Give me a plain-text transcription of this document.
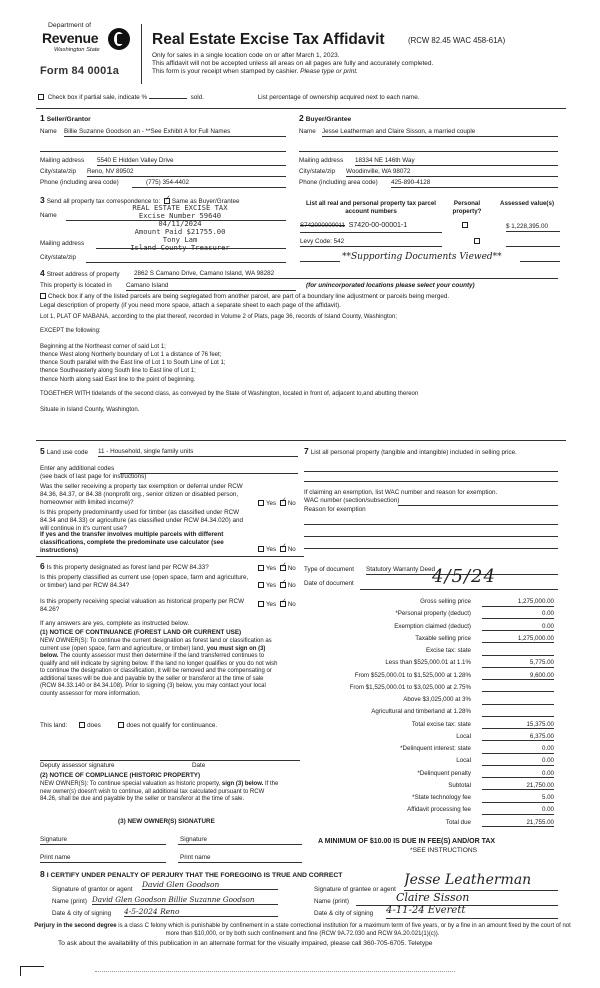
Department of
Revenue
Washington State
Form 84 0001a
Real Estate Excise Tax Affidavit	(RCW 82.45 WAC 458-61A)
Only for sales in a single location code on or after March 1, 2023.
This affidavit will not be accepted unless all areas on all pages are fully and accurately completed.
This form is your receipt when stamped by cashier. Please type or print.
Check box if partial sale, indicate %	sold.	List percentage of ownership acquired next to each name.
1 Seller/Grantor
Name Billie Suzanne Goodson an - **See Exhibit A for Full Names

Mailing address 5540 E Hidden Valley Drive
City/state/zip Reno, NV 89502
Phone (including area code)	(775) 354-4402
2 Buyer/Grantee
Name Jesse Leatherman and Claire Sisson, a married couple

Mailing address 18334 NE 146th Way
City/state/zip Woodinville, WA 98072
Phone (including area code) 425-890-4128
3 Send all property tax correspondence to: ✓ Same as Buyer/Grantee
Name
Mailing address
City/state/zip
REAL ESTATE EXCISE TAX
Excise Number 59640
04/11/2024
Amount Paid $21755.00
Tony Lam
Island County Treasurer
List all real and personal property tax parcel account numbers
Personal property?
Assessed value(s)
S742000000011 S7420-00-00001-1
	$ 1,228,395.00
Levy Code: 542
**Supporting Documents Viewed**
4 Street address of property 2862 S Camano Drive, Camano Island, WA 98282
This property is located in Camano Island	(for unincorporated locations please select your county)
Check box if any of the listed parcels are being segregated from another parcel, are part of a boundary line adjustment or parcels being merged.
Legal description of property (if you need more space, attach a separate sheet to each page of the affidavit).
Lot 1, PLAT OF MABANA, according to the plat thereof, recorded in Volume 2 of Plats, page 36, records of Island County, Washington;
EXCEPT the following:
Beginning at the Northeast corner of said Lot 1;
thence West along Northerly boundary of Lot 1 a distance of 76 feet;
thence South parallel with the East line of Lot 1 to South Line of Lot 1;
thence Southeasterly along South line to East line of Lot 1;
thence North along said East line to the point of beginning.
TOGETHER WITH tidelands of the second class, as conveyed by the State of Washington, located in front of, adjacent to,and abutting thereon
Situate in Island County, Washington.
5 Land use code 11 - Household, single family units
Enter any additional codes
(see back of last page for instructions)
Was the seller receiving a property tax exemption or deferral under RCW 84.36, 84.37, or 84.38 (nonprofit org., senior citizen or disabled person, homeowner with limited income)?	Yes ✓ No
Is this property predominantly used for timber (as classified under RCW 84.34 and 84.33) or agriculture (as classified under RCW 84.34.020) and will continue in it's current use?
If yes and the transfer involves multiple parcels with different classifications, complete the predominate use calculator (see instructions)	Yes ✓ No
7 List all personal property (tangible and intangible) included in selling price.
If claiming an exemption, list WAC number and reason for exemption.
WAC number (section/subsection)
Reason for exemption
6 Is this property designated as forest land per RCW 84.33?	Yes ✓ No
Is this property classified as current use (open space, farm and agriculture, or timber) land per RCW 84.34?	Yes ✓ No
Is this property receiving special valuation as historical property per RCW 84.26?
Yes ✓ No
If any answers are yes, complete as instructed below.
(1) NOTICE OF CONTINUANCE (FOREST LAND OR CURRENT USE)
NEW OWNER(S): To continue the current designation as forest land or classification as current use (open space, farm and agriculture, or timber) land, you must sign on (3) below. The county assessor must then determine if the land transferred continues to qualify and will indicate by signing below. If the land no longer qualifies or you do not wish to continue the designation or classification, it will be removed and the compensating or additional taxes will be due and payable by the seller or transferor at the time of sale (RCW 84.33.140 or 84.34.108). Prior to signing (3) below, you may contact your local county assessor for more information.
This land:	does	does not qualify for continuance.
Deputy assessor signature	Date
(2) NOTICE OF COMPLIANCE (HISTORIC PROPERTY)
NEW OWNER(S): To continue special valuation as historic property, sign (3) below. If the new owner(s) doesn't wish to continue, all additional tax calculated pursuant to RCW 84.26, shall be due and payable by the seller or transferor at the time of sale.
(3) NEW OWNER(S) SIGNATURE
Signature	Signature
Print name	Print name
Type of document Statutory Warranty Deed
Date of document	4/5/24
Gross selling price	1,275,000.00
*Personal property (deduct)	0.00
Exemption claimed (deduct)	0.00
Taxable selling price	1,275,000.00
Excise tax: state
Less than $525,000.01 at 1.1%	5,775.00
From $525,000.01 to $1,525,000 at 1.28%	9,600.00
From $1,525,000.01 to $3,025,000 at 2.75%
Above $3,025,000 at 3%
Agricultural and timberland at 1.28%
Total excise tax: state	15,375.00
Local	6,375.00
*Delinquent interest: state	0.00
Local	0.00
*Delinquent penalty	0.00
Subtotal	21,750.00
*State technology fee	5.00
Affidavit processing fee	0.00
Total due	21,755.00
A MINIMUM OF $10.00 IS DUE IN FEE(S) AND/OR TAX
*SEE INSTRUCTIONS
8 I CERTIFY UNDER PENALTY OF PERJURY THAT THE FOREGOING IS TRUE AND CORRECT
Signature of grantor or agent
David Glen Goodson
Name (print) David Glen Goodson Billie Suzanne Goodson
Date & city of signing 4-5-2024 Reno
Signature of grantee or agent
Jesse Leatherman
Name (print)	Claire Sisson
Date & city of signing 4-11-24 Everett
Perjury in the second degree is a class C felony which is punishable by confinement in a state correctional institution for a maximum term of five years, or by a fine in an amount fixed by the court of not more than $10,000, or by both such confinement and fine (RCW 9A.72.030 and RCW 9A.20.021(1)(c)).
To ask about the availability of this publication in an alternate format for the visually impaired, please call 360-705-6705. Teletype
